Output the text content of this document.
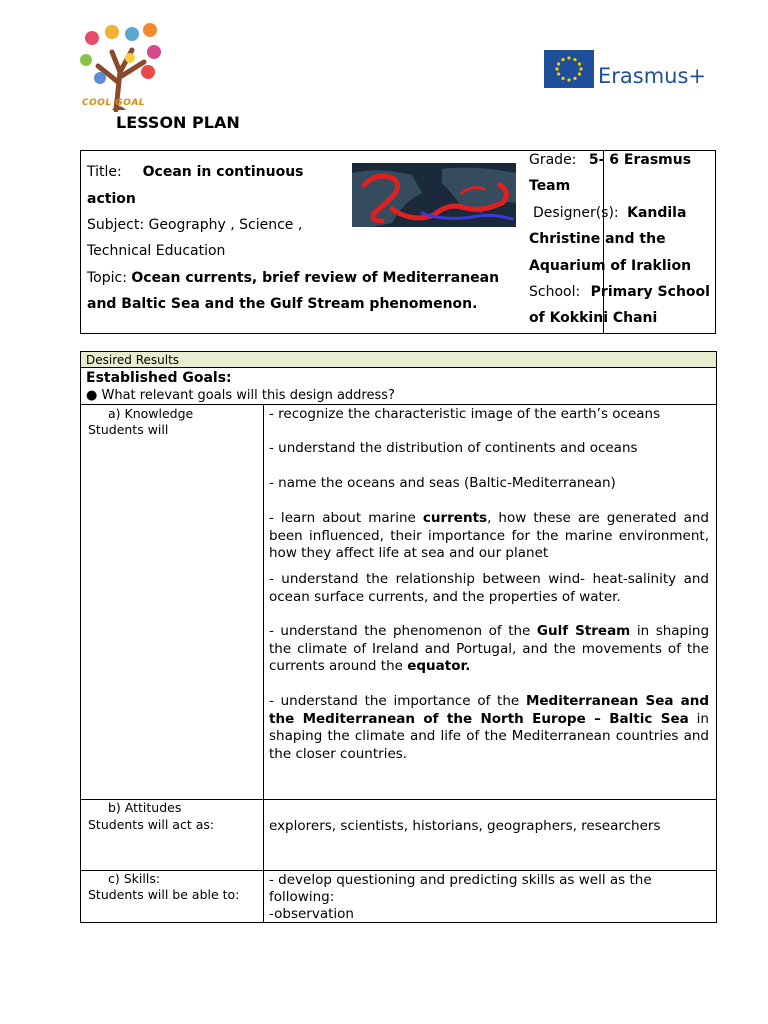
COOL GOAL
LESSON PLAN
Erasmus+
Title: Ocean in continuous
action
Subject: Geography , Science ,
Technical Education
Topic: Ocean currents, brief review of Mediterranean
and Baltic Sea and the Gulf Stream phenomenon.
Grade: 5- 6 Erasmus
Team
Designer(s): Kandila
Christine and the
Aquarium of Iraklion
School: Primary School
of Kokkini Chani
Desired Results
Established Goals:
● What relevant goals will this design address?
a) Knowledge
Students will
- recognize the characteristic image of the earth’s oceans
- understand the distribution of continents and oceans
- name the oceans and seas (Baltic-Mediterranean)
- learn about marine currents, how these are generated and been influenced, their importance for the marine environment, how they affect life at sea and our planet
- understand the relationship between wind- heat-salinity and ocean surface currents, and the properties of water.
- understand the phenomenon of the Gulf Stream in shaping the climate of Ireland and Portugal, and the movements of the currents around the equator.
- understand the importance of the Mediterranean Sea and the Mediterranean of the North Europe – Baltic Sea in shaping the climate and life of the Mediterranean countries and the closer countries.
b) Attitudes
Students will act as:	explorers, scientists, historians, geographers, researchers
c) Skills:
Students will be able to:
- develop questioning and predicting skills as well as the
following:
-observation
